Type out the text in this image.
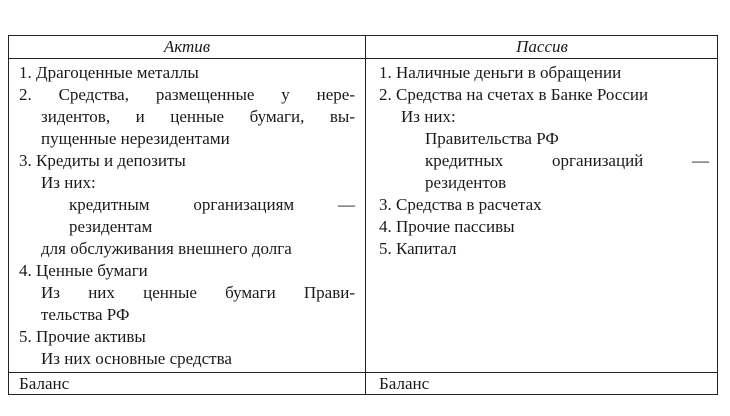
Актив	Пассив
1. Драгоценные металлы
2. Средства, размещенные у нере-
зидентов, и ценные бумаги, вы-
пущенные нерезидентами
3. Кредиты и депозиты
Из них:
кредитным организациям —
резидентам
для обслуживания внешнего долга
4. Ценные бумаги
Из них ценные бумаги Прави-
тельства РФ
5. Прочие активы
Из них основные средства
1. Наличные деньги в обращении
2. Средства на счетах в Банке России
Из них:
Правительства РФ
кредитных организаций —
резидентов
3. Средства в расчетах
4. Прочие пассивы
5. Капитал
Баланс	Баланс
